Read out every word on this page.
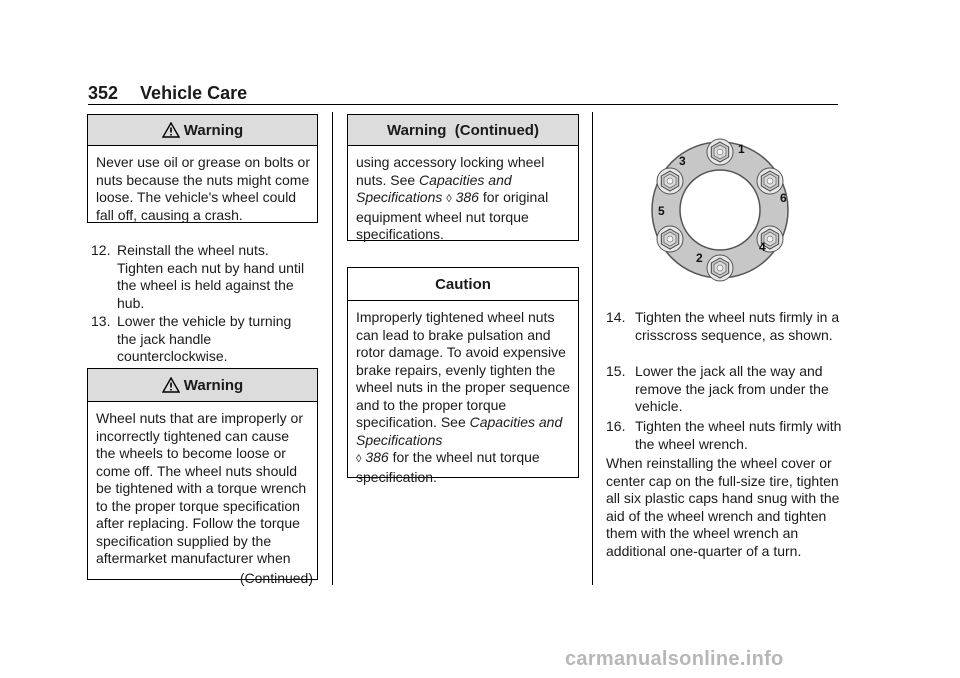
352 Vehicle Care
Warning
Never use oil or grease on bolts or nuts because the nuts might come loose. The vehicle's wheel could fall off, causing a crash.
12. Reinstall the wheel nuts. Tighten each nut by hand until the wheel is held against the hub.
13. Lower the vehicle by turning the jack handle counterclockwise.
Warning
Wheel nuts that are improperly or incorrectly tightened can cause the wheels to become loose or come off. The wheel nuts should be tightened with a torque wrench to the proper torque specification after replacing. Follow the torque specification supplied by the aftermarket manufacturer when
(Continued)
Warning  (Continued)
using accessory locking wheel nuts. See Capacities and Specifications ◊ 386 for original equipment wheel nut torque specifications.
Caution
Improperly tightened wheel nuts can lead to brake pulsation and rotor damage. To avoid expensive brake repairs, evenly tighten the wheel nuts in the proper sequence and to the proper torque specification. See Capacities and Specifications
◊ 386 for the wheel nut torque specification.
1
2
3
4
5
6
14. Tighten the wheel nuts firmly in a crisscross sequence, as shown.
15. Lower the jack all the way and remove the jack from under the vehicle.
16. Tighten the wheel nuts firmly with the wheel wrench.
When reinstalling the wheel cover or center cap on the full-size tire, tighten all six plastic caps hand snug with the aid of the wheel wrench and tighten them with the wheel wrench an additional one-quarter of a turn.
carmanualsonline.info
